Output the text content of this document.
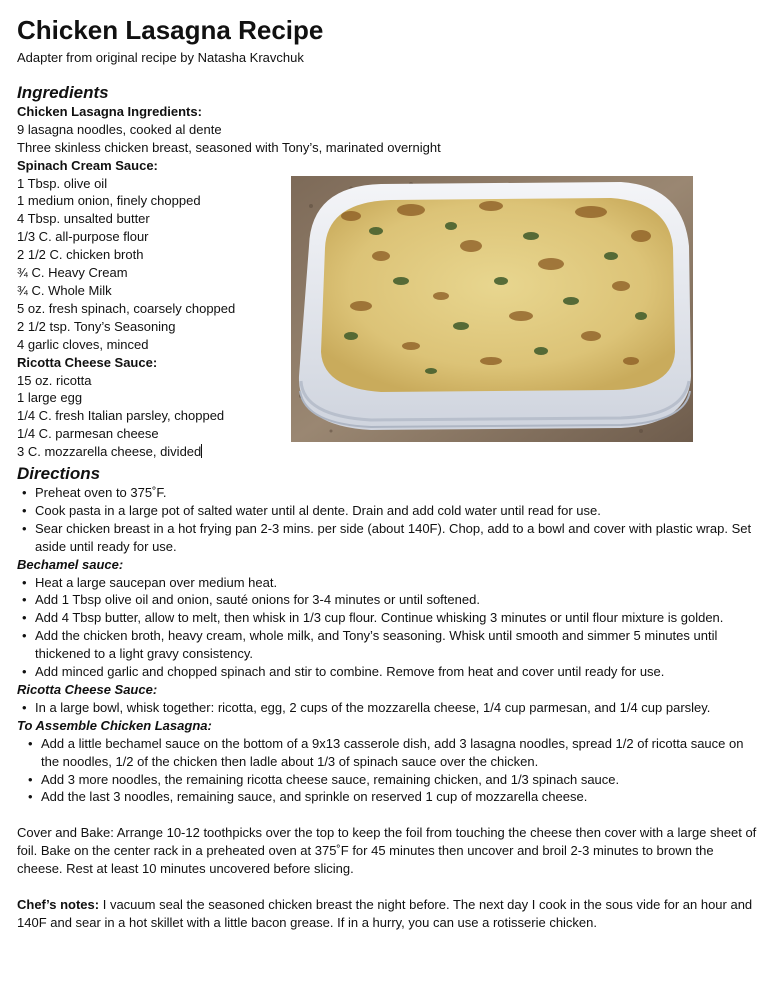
Chicken Lasagna Recipe
Adapter from original recipe by Natasha Kravchuk
Ingredients
Chicken Lasagna Ingredients:
9 lasagna noodles, cooked al dente
Three skinless chicken breast, seasoned with Tony’s, marinated overnight
Spinach Cream Sauce:
1 Tbsp. olive oil
1 medium onion, finely chopped
4 Tbsp. unsalted butter
1/3 C. all-purpose flour
2 1/2 C. chicken broth
¾ C. Heavy Cream
¾ C. Whole Milk
5 oz. fresh spinach, coarsely chopped
2 1/2 tsp. Tony’s Seasoning
4 garlic cloves, minced
Ricotta Cheese Sauce:
15 oz. ricotta
1 large egg
1/4 C. fresh Italian parsley, chopped
1/4 C. parmesan cheese
3 C. mozzarella cheese, divided
Directions
• Preheat oven to 375˚F.
• Cook pasta in a large pot of salted water until al dente. Drain and add cold water until read for use.
• Sear chicken breast in a hot frying pan 2-3 mins. per side (about 140F). Chop, add to a bowl and cover with plastic wrap. Set aside until ready for use.
Bechamel sauce:
• Heat a large saucepan over medium heat.
• Add 1 Tbsp olive oil and onion, sauté onions for 3-4 minutes or until softened.
• Add 4 Tbsp butter, allow to melt, then whisk in 1/3 cup flour. Continue whisking 3 minutes or until flour mixture is golden.
• Add the chicken broth, heavy cream, whole milk, and Tony’s seasoning. Whisk until smooth and simmer 5 minutes until thickened to a light gravy consistency.
• Add minced garlic and chopped spinach and stir to combine. Remove from heat and cover until ready for use.
Ricotta Cheese Sauce:
• In a large bowl, whisk together: ricotta, egg, 2 cups of the mozzarella cheese, 1/4 cup parmesan, and 1/4 cup parsley.
To Assemble Chicken Lasagna:
• Add a little bechamel sauce on the bottom of a 9x13 casserole dish, add 3 lasagna noodles, spread 1/2 of ricotta sauce on the noodles, 1/2 of the chicken then ladle about 1/3 of spinach sauce over the chicken.
• Add 3 more noodles, the remaining ricotta cheese sauce, remaining chicken, and 1/3 spinach sauce.
• Add the last 3 noodles, remaining sauce, and sprinkle on reserved 1 cup of mozzarella cheese.
Cover and Bake: Arrange 10-12 toothpicks over the top to keep the foil from touching the cheese then cover with a large sheet of foil. Bake on the center rack in a preheated oven at 375˚F for 45 minutes then uncover and broil 2-3 minutes to brown the cheese. Rest at least 10 minutes uncovered before slicing.
Chef’s notes: I vacuum seal the seasoned chicken breast the night before. The next day I cook in the sous vide for an hour and 140F and sear in a hot skillet with a little bacon grease. If in a hurry, you can use a rotisserie chicken.
